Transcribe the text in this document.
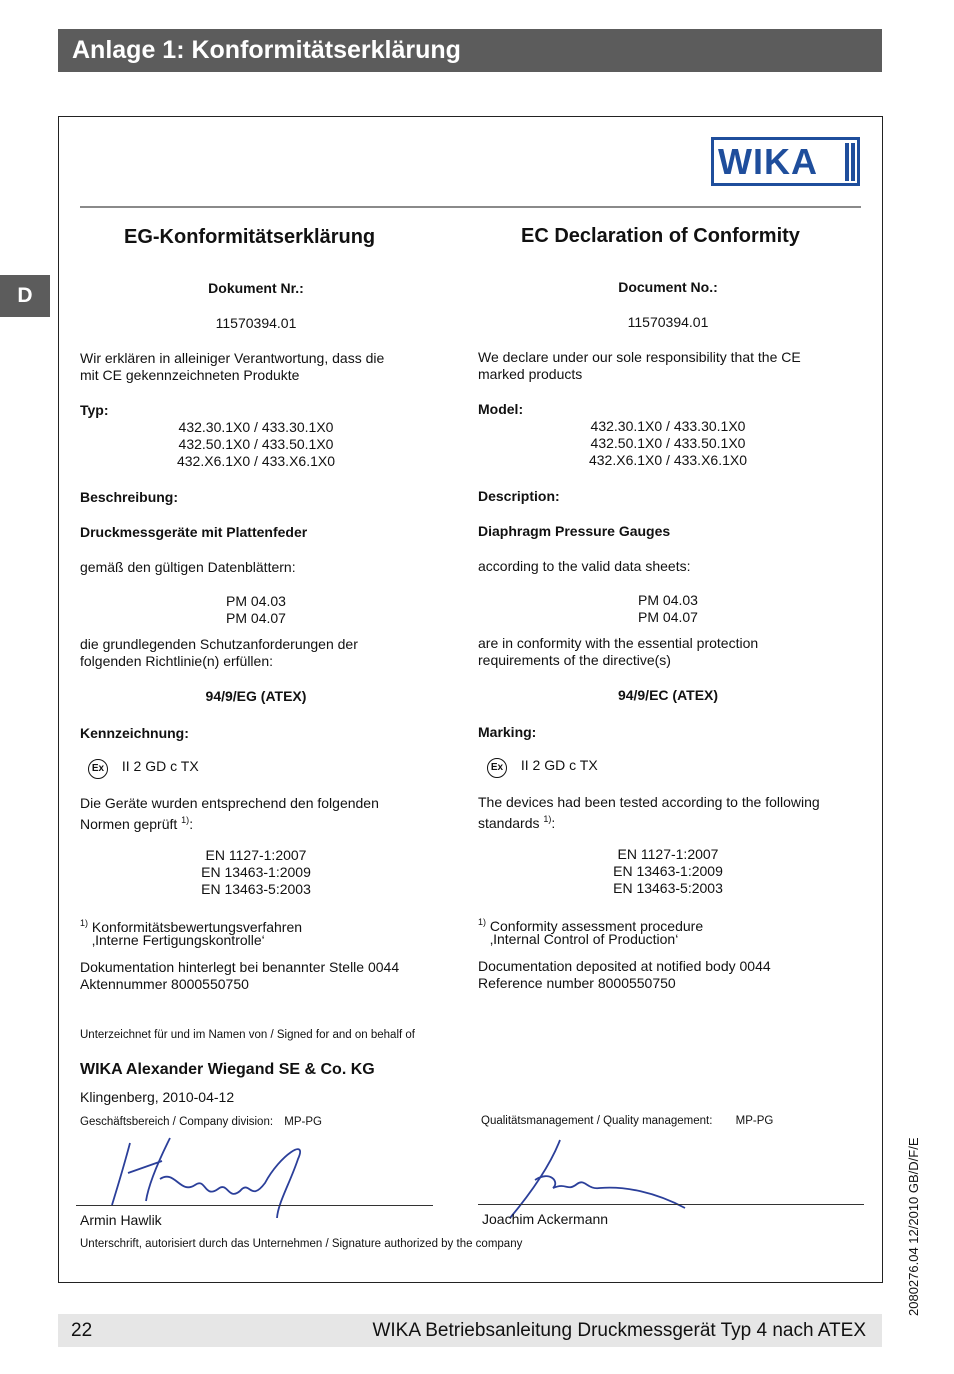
Anlage 1: Konformitätserklärung
D
WIKA
EG-Konformitätserklärung
Dokument Nr.:
11570394.01
Wir erklären in alleiniger Verantwortung, dass die
mit CE gekennzeichneten Produkte
Typ:
432.30.1X0 / 433.30.1X0
432.50.1X0 / 433.50.1X0
432.X6.1X0 / 433.X6.1X0
Beschreibung:
Druckmessgeräte mit Plattenfeder
gemäß den gültigen Datenblättern:
PM 04.03
PM 04.07
die grundlegenden Schutzanforderungen der
folgenden Richtlinie(n) erfüllen:
94/9/EG (ATEX)
Kennzeichnung:
Ex II 2 GD c TX
Die Geräte wurden entsprechend den folgenden
Normen geprüft $^{1)}$:
EN 1127-1:2007
EN 13463-1:2009
EN 13463-5:2003
$^{1)}$ Konformitätsbewertungsverfahren
‚Interne Fertigungskontrolle‘
Dokumentation hinterlegt bei benannter Stelle 0044
Aktennummer 8000550750
EC Declaration of Conformity
Document No.:
11570394.01
We declare under our sole responsibility that the CE
marked products
Model:
432.30.1X0 / 433.30.1X0
432.50.1X0 / 433.50.1X0
432.X6.1X0 / 433.X6.1X0
Description:
Diaphragm Pressure Gauges
according to the valid data sheets:
PM 04.03
PM 04.07
are in conformity with the essential protection
requirements of the directive(s)
94/9/EC (ATEX)
Marking:
Ex II 2 GD c TX
The devices had been tested according to the following
standards $^{1)}$:
EN 1127-1:2007
EN 13463-1:2009
EN 13463-5:2003
$^{1)}$ Conformity assessment procedure
‚Internal Control of Production‘
Documentation deposited at notified body 0044
Reference number 8000550750
Unterzeichnet für und im Namen von / Signed for and on behalf of
WIKA Alexander Wiegand SE & Co. KG
Klingenberg, 2010-04-12
Geschäftsbereich / Company division: MP-PG	Qualitätsmanagement / Quality management: MP-PG
Armin Hawlik	Joachim Ackermann
Unterschrift, autorisiert durch das Unternehmen / Signature authorized by the company
22	WIKA Betriebsanleitung Druckmessgerät Typ 4 nach ATEX
2080276.04 12/2010 GB/D/F/E
